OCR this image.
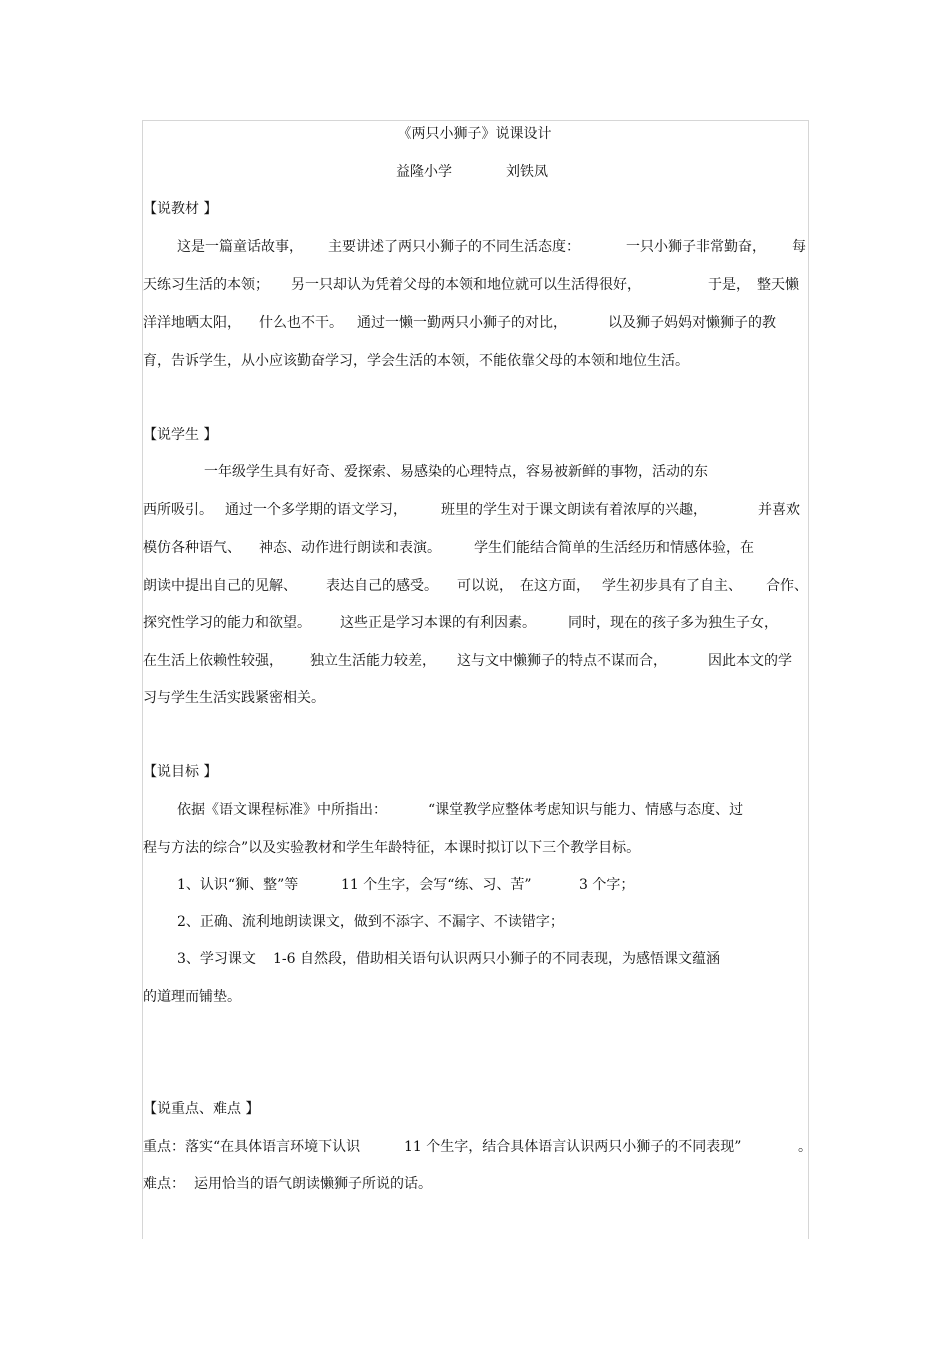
《两只小狮子》说课设计
益隆小学	刘铁凤
【说教材 】
这是一篇童话故事， 主要讲述了两只小狮子的不同生活态度：	一只小狮子非常勤奋， 每
天练习生活的本领； 另一只却认为凭着父母的本领和地位就可以生活得很好，	于是， 整天懒
洋洋地晒太阳， 什么也不干。 通过一懒一勤两只小狮子的对比，	以及狮子妈妈对懒狮子的教
育，告诉学生，从小应该勤奋学习，学会生活的本领，不能依靠父母的本领和地位生活。
【说学生 】
一年级学生具有好奇、爱探索、易感染的心理特点，容易被新鲜的事物，活动的东
西所吸引。 通过一个多学期的语文学习， 班里的学生对于课文朗读有着浓厚的兴趣，	并喜欢
模仿各种语气、 神态、动作进行朗读和表演。 学生们能结合简单的生活经历和情感体验，在
朗读中提出自己的见解、 表达自己的感受。 可以说， 在这方面， 学生初步具有了自主、 合作、
探究性学习的能力和欲望。 这些正是学习本课的有利因素。 同时，现在的孩子多为独生子女，
在生活上依赖性较强， 独立生活能力较差， 这与文中懒狮子的特点不谋而合，	因此本文的学
习与学生生活实践紧密相关。
【说目标 】
依据《语文课程标准》中所指出：	“课堂教学应整体考虑知识与能力、情感与态度、过
程与方法的综合”以及实验教材和学生年龄特征，本课时拟订以下三个教学目标。
1、认识“狮、整”等	11 个生字，会写“练、习、苦”	3 个字；
2、正确、流利地朗读课文，做到不添字、不漏字、不读错字；
3、学习课文 1-6 自然段，借助相关语句认识两只小狮子的不同表现，为感悟课文蕴涵
的道理而铺垫。
【说重点、难点 】
重点：落实“在具体语言环境下认识	11 个生字，结合具体语言认识两只小狮子的不同表现”	。
难点： 运用恰当的语气朗读懒狮子所说的话。
